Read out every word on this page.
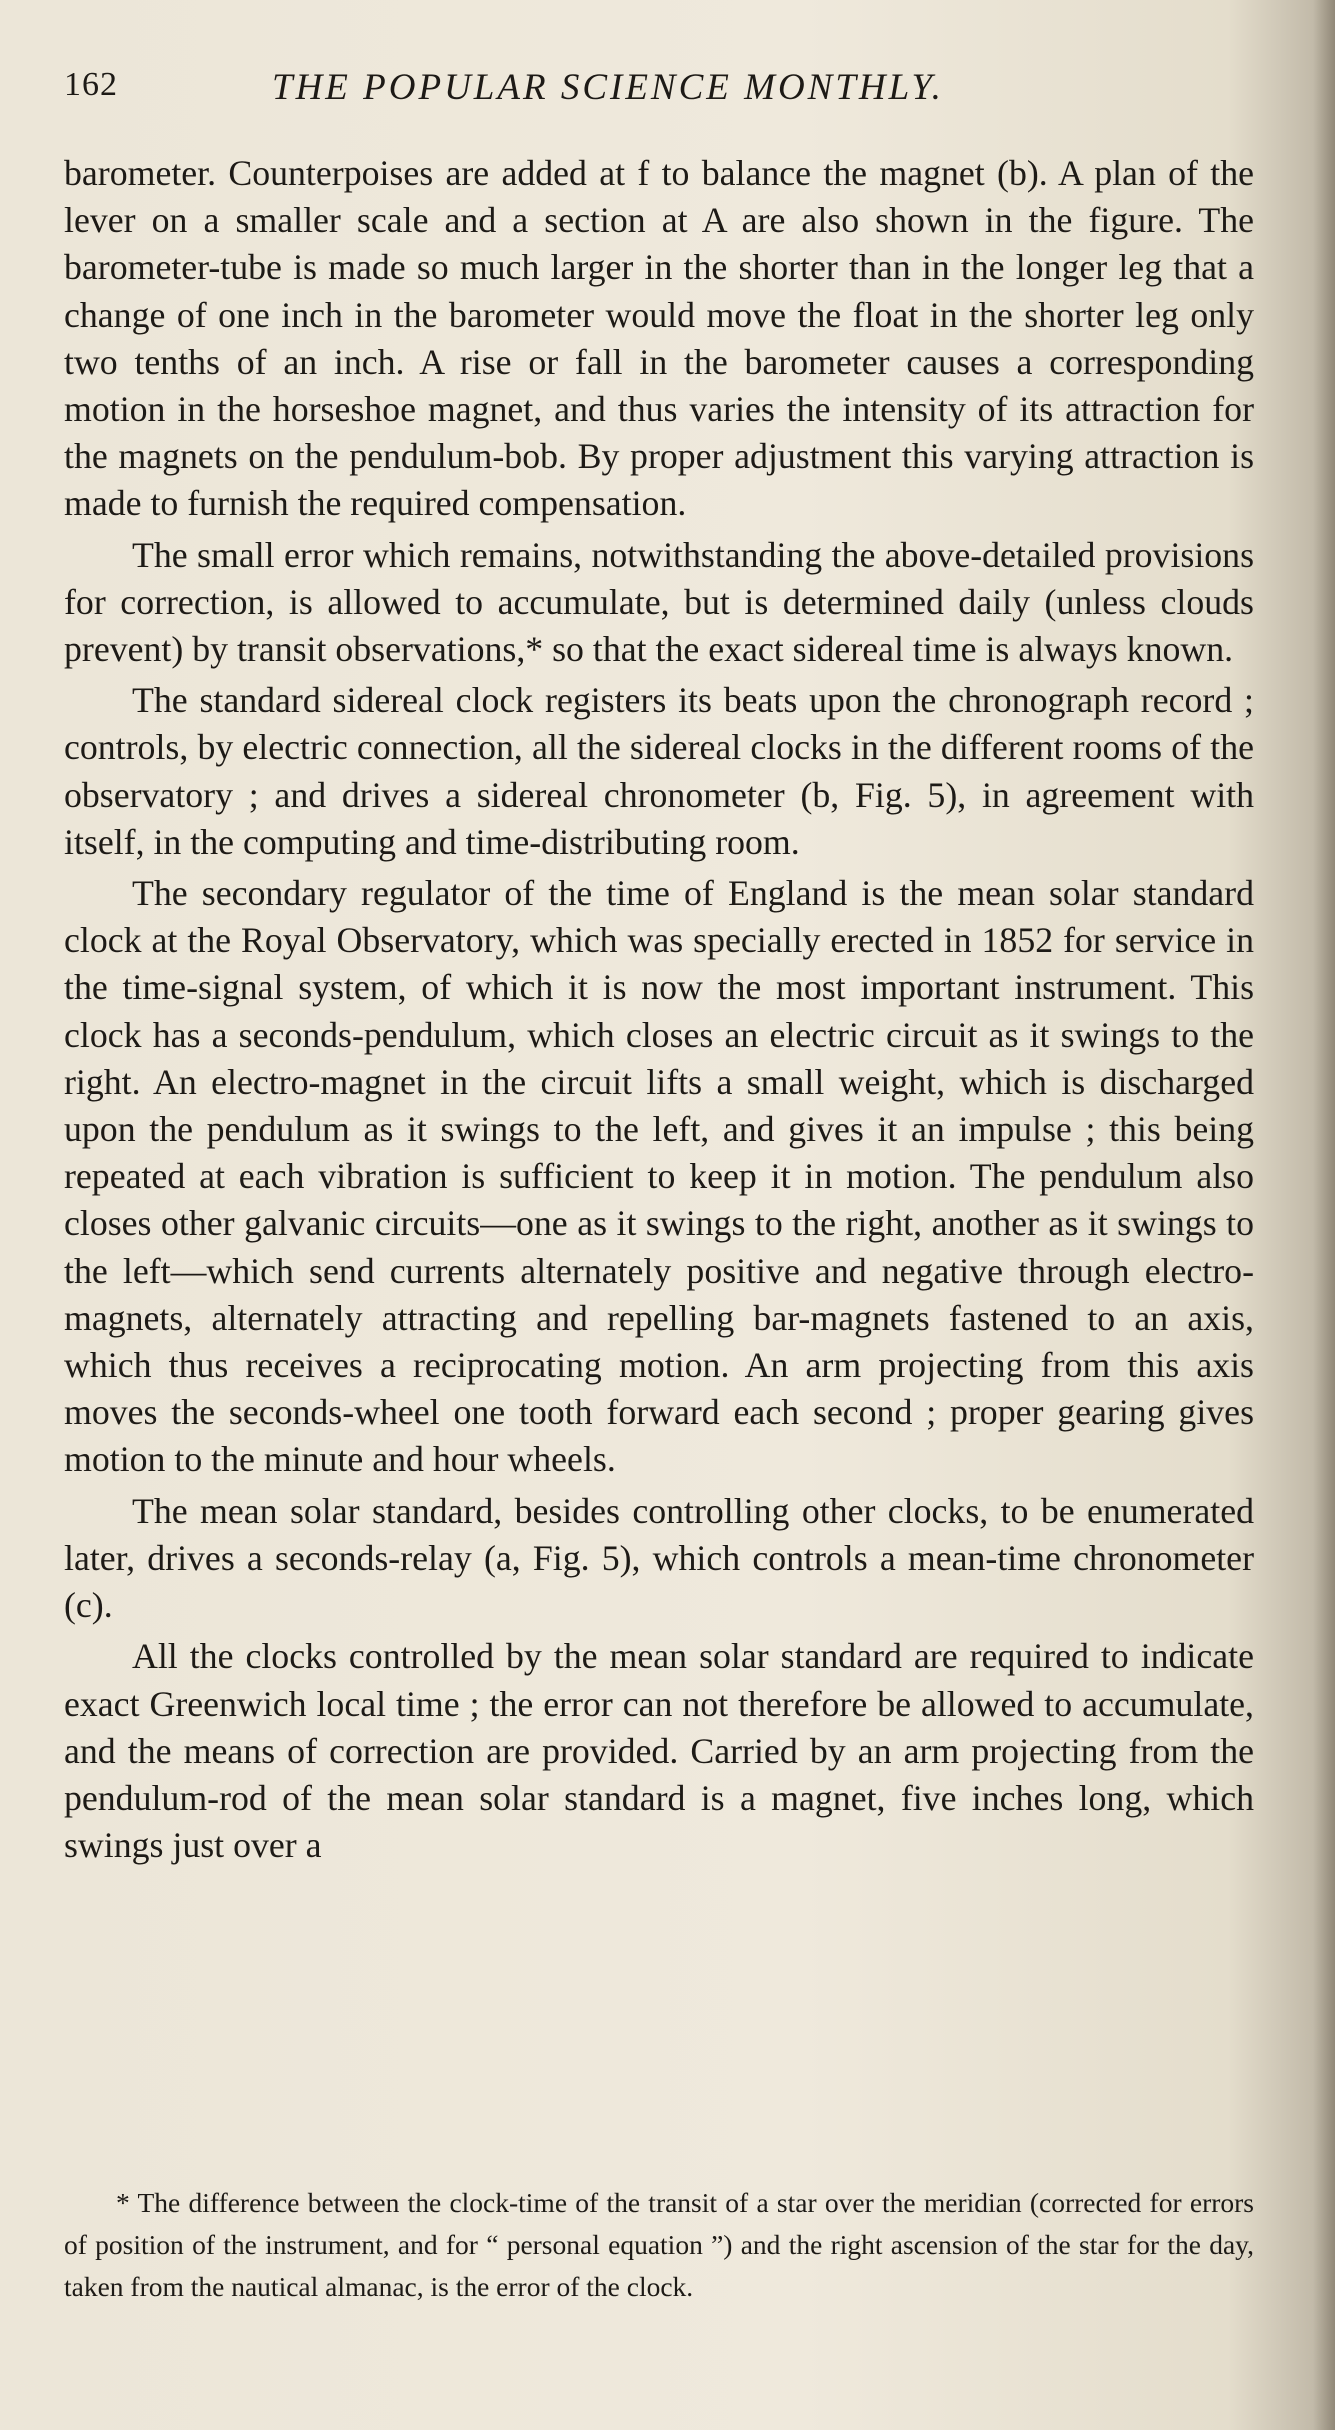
162	THE POPULAR SCIENCE MONTHLY.

barometer. Counterpoises are added at f to balance the magnet (b). A plan of the lever on a smaller scale and a section at A are also shown in the figure. The barometer-tube is made so much larger in the shorter than in the longer leg that a change of one inch in the barometer would move the float in the shorter leg only two tenths of an inch. A rise or fall in the barometer causes a corresponding motion in the horseshoe magnet, and thus varies the intensity of its attraction for the magnets on the pendulum-bob. By proper adjustment this varying attraction is made to furnish the required compensation.

The small error which remains, notwithstanding the above-detailed provisions for correction, is allowed to accumulate, but is determined daily (unless clouds prevent) by transit observations,* so that the exact sidereal time is always known.

The standard sidereal clock registers its beats upon the chronograph record ; controls, by electric connection, all the sidereal clocks in the different rooms of the observatory ; and drives a sidereal chronometer (b, Fig. 5), in agreement with itself, in the computing and time-distributing room.

The secondary regulator of the time of England is the mean solar standard clock at the Royal Observatory, which was specially erected in 1852 for service in the time-signal system, of which it is now the most important instrument. This clock has a seconds-pendulum, which closes an electric circuit as it swings to the right. An electro-magnet in the circuit lifts a small weight, which is discharged upon the pendulum as it swings to the left, and gives it an impulse ; this being repeated at each vibration is sufficient to keep it in motion. The pendulum also closes other galvanic circuits—one as it swings to the right, another as it swings to the left—which send currents alternately positive and negative through electro-magnets, alternately attracting and repelling bar-magnets fastened to an axis, which thus receives a reciprocating motion. An arm projecting from this axis moves the seconds-wheel one tooth forward each second ; proper gearing gives motion to the minute and hour wheels.

The mean solar standard, besides controlling other clocks, to be enumerated later, drives a seconds-relay (a, Fig. 5), which controls a mean-time chronometer (c).

All the clocks controlled by the mean solar standard are required to indicate exact Greenwich local time ; the error can not therefore be allowed to accumulate, and the means of correction are provided. Carried by an arm projecting from the pendulum-rod of the mean solar standard is a magnet, five inches long, which swings just over a

* The difference between the clock-time of the transit of a star over the meridian (corrected for errors of position of the instrument, and for “ personal equation ”) and the right ascension of the star for the day, taken from the nautical almanac, is the error of the clock.
